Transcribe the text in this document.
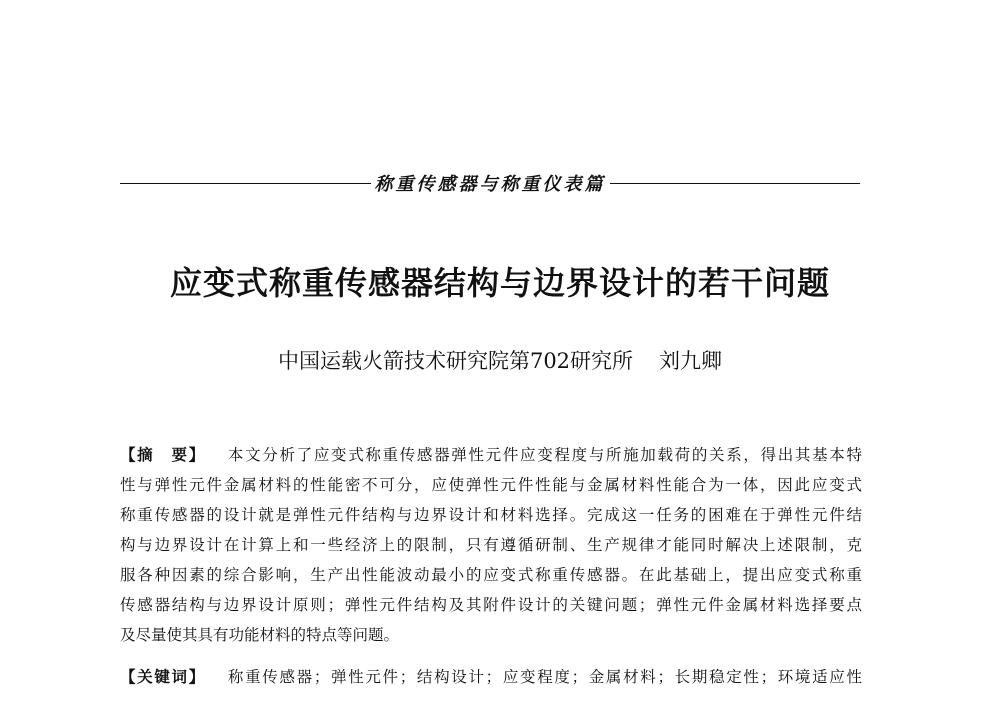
称重传感器与称重仪表篇
应变式称重传感器结构与边界设计的若干问题
中国运载火箭技术研究院第702研究所 刘九卿
【摘　要】 本文分析了应变式称重传感器弹性元件应变程度与所施加载荷的关系，得出其基本特
性与弹性元件金属材料的性能密不可分，应使弹性元件性能与金属材料性能合为一体，因此应变式
称重传感器的设计就是弹性元件结构与边界设计和材料选择。完成这一任务的困难在于弹性元件结
构与边界设计在计算上和一些经济上的限制，只有遵循研制、生产规律才能同时解决上述限制，克
服各种因素的综合影响，生产出性能波动最小的应变式称重传感器。在此基础上，提出应变式称重
传感器结构与边界设计原则；弹性元件结构及其附件设计的关键问题；弹性元件金属材料选择要点
及尽量使其具有功能材料的特点等问题。
【关键词】 称重传感器；弹性元件；结构设计；应变程度；金属材料；长期稳定性；环境适应性
